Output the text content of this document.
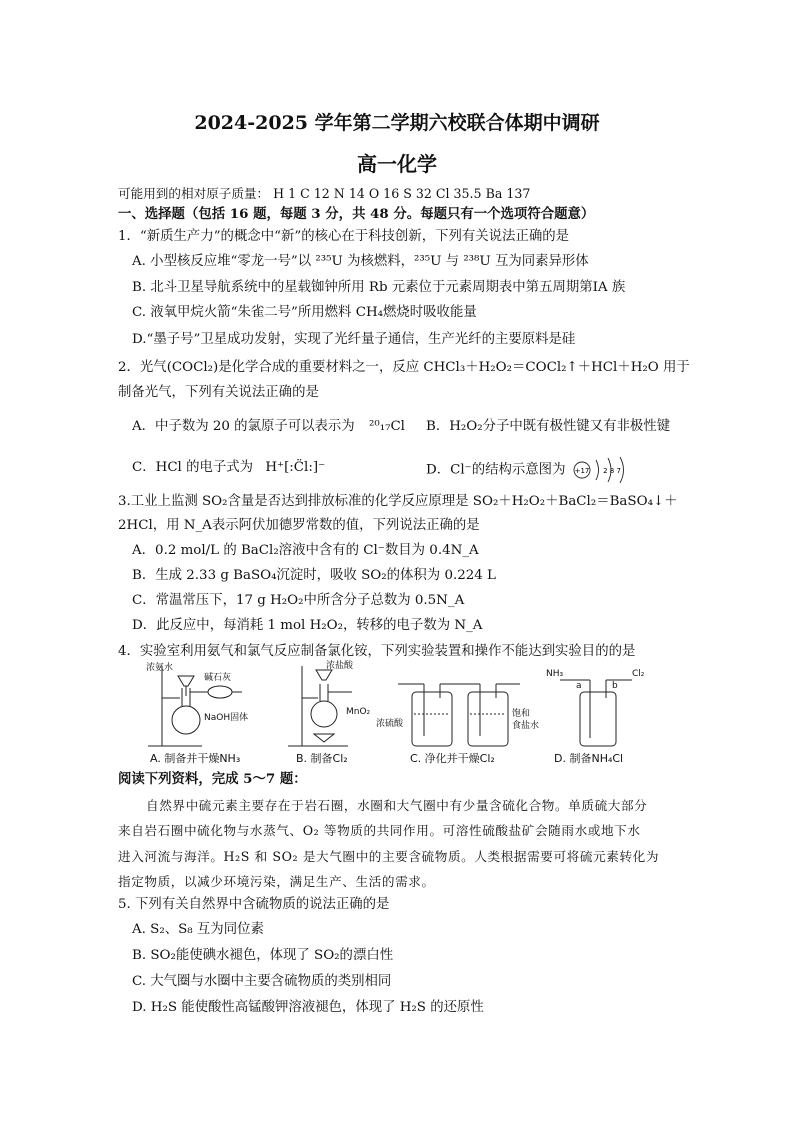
2024-2025 学年第二学期六校联合体期中调研
高一化学
可能用到的相对原子质量： H 1 C 12 N 14 O 16 S 32 Cl 35.5 Ba 137
一、选择题（包括 16 题，每题 3 分，共 48 分。每题只有一个选项符合题意）
1．“新质生产力”的概念中“新”的核心在于科技创新，下列有关说法正确的是
A. 小型核反应堆“零龙一号”以 ²³⁵U 为核燃料，²³⁵U 与 ²³⁸U 互为同素异形体
B. 北斗卫星导航系统中的星载铷钟所用 Rb 元素位于元素周期表中第五周期第ⅠA 族
C. 液氧甲烷火箭“朱雀二号”所用燃料 CH₄燃烧时吸收能量
D.“墨子号”卫星成功发射，实现了光纤量子通信，生产光纤的主要原料是硅
2．光气(COCl₂)是化学合成的重要材料之一，反应 CHCl₃＋H₂O₂＝COCl₂↑＋HCl＋H₂O 用于
制备光气，下列有关说法正确的是
A．中子数为 20 的氯原子可以表示为 ²⁰₁₇Cl B．H₂O₂分子中既有极性键又有非极性键
C．HCl 的电子式为 H⁺[:C̈l:]⁻	D．Cl⁻的结构示意图为 +17 2 8 7
3.工业上监测 SO₂含量是否达到排放标准的化学反应原理是 SO₂＋H₂O₂＋BaCl₂＝BaSO₄↓＋
2HCl，用 N_A表示阿伏加德罗常数的值，下列说法正确的是
A．0.2 mol/L 的 BaCl₂溶液中含有的 Cl⁻数目为 0.4N_A
B．生成 2.33 g BaSO₄沉淀时，吸收 SO₂的体积为 0.224 L
C．常温常压下，17 g H₂O₂中所含分子总数为 0.5N_A
D．此反应中，每消耗 1 mol H₂O₂，转移的电子数为 N_A
4．实验室利用氨气和氯气反应制备氯化铵，下列实验装置和操作不能达到实验目的的是
浓氨水
碱石灰
NaOH固体
浓盐酸
MnO₂
浓硫酸
饱和
食盐水
NH₃	Cl₂
a	b
A. 制备并干燥NH₃	B. 制备Cl₂	C. 净化并干燥Cl₂	D. 制备NH₄Cl
阅读下列资料，完成 5～7 题：
自然界中硫元素主要存在于岩石圈，水圈和大气圈中有少量含硫化合物。单质硫大部分
来自岩石圈中硫化物与水蒸气、O₂ 等物质的共同作用。可溶性硫酸盐矿会随雨水或地下水
进入河流与海洋。H₂S 和 SO₂ 是大气圈中的主要含硫物质。人类根据需要可将硫元素转化为
指定物质，以减少环境污染，满足生产、生活的需求。
5. 下列有关自然界中含硫物质的说法正确的是
A. S₂、S₈ 互为同位素
B. SO₂能使碘水褪色，体现了 SO₂的漂白性
C. 大气圈与水圈中主要含硫物质的类别相同
D. H₂S 能使酸性高锰酸钾溶液褪色，体现了 H₂S 的还原性
